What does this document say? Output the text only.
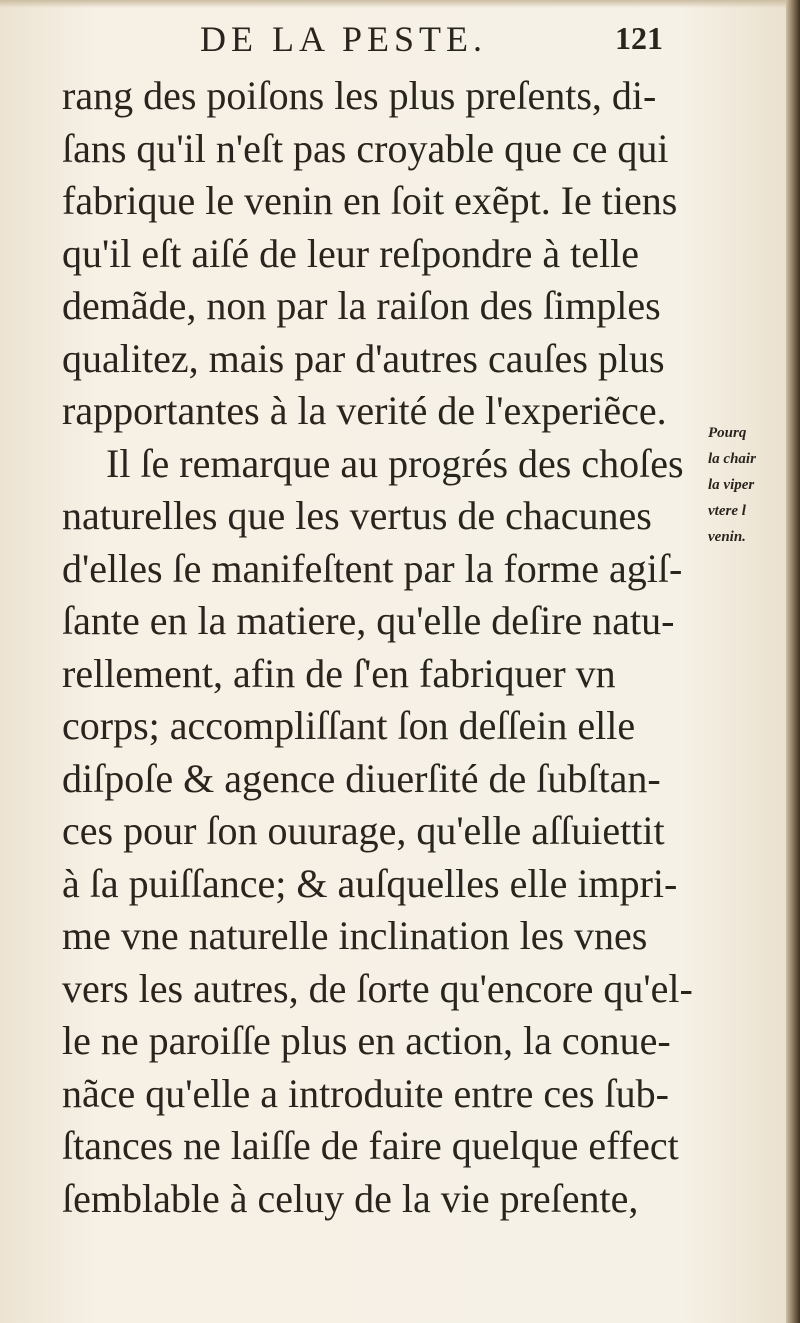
DE LA PESTE.	121
rang des poiſons les plus preſents, di-
ſans qu'il n'eſt pas croyable que ce qui
fabrique le venin en ſoit exẽpt. Ie tiens
qu'il eſt aiſé de leur reſpondre à telle
demãde, non par la raiſon des ſimples
qualitez, mais par d'autres cauſes plus
rapportantes à la verité de l'experiẽce.
Il ſe remarque au progrés des choſes
naturelles que les vertus de chacunes
d'elles ſe manifeſtent par la forme agiſ-
ſante en la matiere, qu'elle deſire natu-
rellement, afin de ſ'en fabriquer vn
corps; accompliſſant ſon deſſein elle
diſpoſe & agence diuerſité de ſubſtan-
ces pour ſon ouurage, qu'elle aſſuiettit
à ſa puiſſance; & auſquelles elle impri-
me vne naturelle inclination les vnes
vers les autres, de ſorte qu'encore qu'el-
le ne paroiſſe plus en action, la conue-
nãce qu'elle a introduite entre ces ſub-
ſtances ne laiſſe de faire quelque effect
ſemblable à celuy de la vie preſente,
Pourq
la chair
la viper
vtere l
venin.
